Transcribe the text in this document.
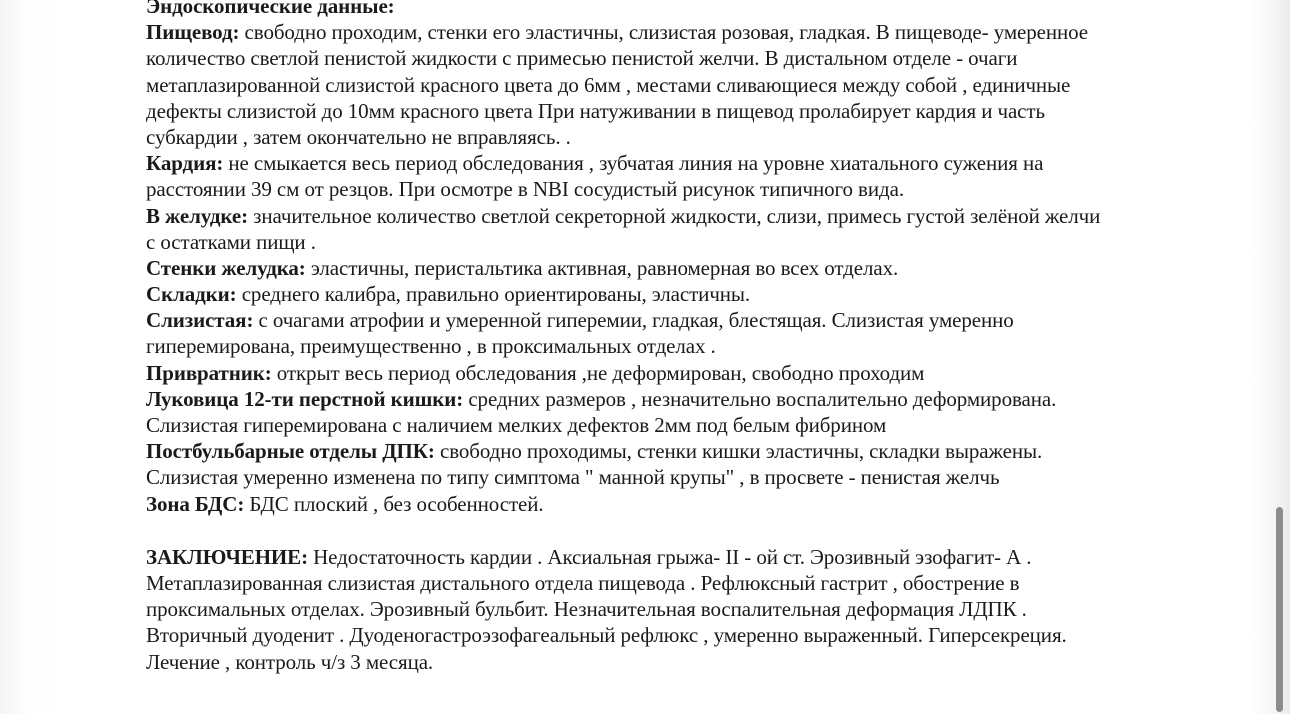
Эндоскопические данные:
Пищевод: свободно проходим, стенки его эластичны, слизистая розовая, гладкая. В пищеводе- умеренное
количество светлой пенистой жидкости с примесью пенистой желчи. В дистальном отделе - очаги
метаплазированной слизистой красного цвета до 6мм , местами сливающиеся между собой , единичные
дефекты слизистой до 10мм красного цвета При натуживании в пищевод пролабирует кардия и часть
субкардии , затем окончательно не вправляясь. .
Кардия: не смыкается весь период обследования , зубчатая линия на уровне хиатального сужения на
расстоянии 39 см от резцов. При осмотре в NBI сосудистый рисунок типичного вида.
В желудке: значительное количество светлой секреторной жидкости, слизи, примесь густой зелёной желчи
с остатками пищи .
Стенки желудка: эластичны, перистальтика активная, равномерная во всех отделах.
Складки: среднего калибра, правильно ориентированы, эластичны.
Слизистая: с очагами атрофии и умеренной гиперемии, гладкая, блестящая. Слизистая умеренно
гиперемирована, преимущественно , в проксимальных отделах .
Привратник: открыт весь период обследования ,не деформирован, свободно проходим
Луковица 12-ти перстной кишки: средних размеров , незначительно воспалительно деформирована.
Слизистая гиперемирована с наличием мелких дефектов 2мм под белым фибрином
Постбульбарные отделы ДПК: свободно проходимы, стенки кишки эластичны, складки выражены.
Слизистая умеренно изменена по типу симптома " манной крупы" , в просвете - пенистая желчь
Зона БДС: БДС плоский , без особенностей.
ЗАКЛЮЧЕНИЕ: Недостаточность кардии . Аксиальная грыжа- II - ой ст. Эрозивный эзофагит- А .
Метаплазированная слизистая дистального отдела пищевода . Рефлюксный гастрит , обострение в
проксимальных отделах. Эрозивный бульбит. Незначительная воспалительная деформация ЛДПК .
Вторичный дуоденит . Дуоденогастроэзофагеальный рефлюкс , умеренно выраженный. Гиперсекреция.
Лечение , контроль ч/з 3 месяца.
